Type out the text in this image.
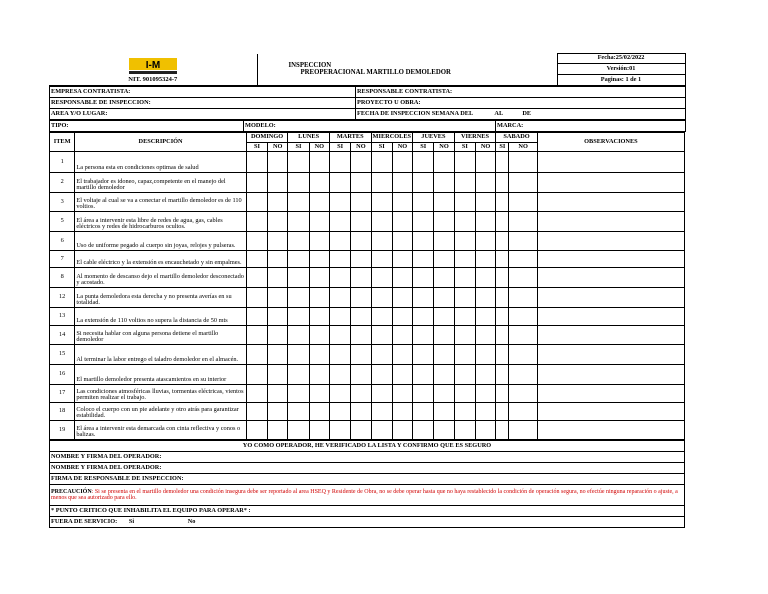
I-M
NIT. 901095324-7

INSPECCION
PREOPERACIONAL MARTILLO DEMOLEDOR
	Fecha:25/02/2022
Versión:01
Paginas: 1 de 1
EMPRESA CONTRATISTA:	RESPONSABLE CONTRATISTA:
RESPONSABLE DE INSPECCION:	PROYECTO U OBRA:
AREA Y/O LUGAR:	FECHA DE INSPECCION SEMANA DEL AL DE
TIPO:	MODELO:	MARCA:
ITEM	DESCRIPCIÓN	DOMINGO		LUNES		MARTES		MIERCOLES		JUEVES		VIERNES		SABADO		OBSERVACIONES
		SI	NO	SI	NO	SI	NO	SI	NO	SI	NO	SI	NO	SI	NO	
1	La persona esta en condiciones optimas de salud															
2	El trabajador es idoneo, capaz,competente en el manejo del martillo demoledor															
3	El voltaje al cual se va a conectar el martillo demoledor es de 110 voltios.															
5	El área a intervenir esta libre de redes de agua, gas, cables eléctricos y redes de hidrocarburos ocultos.															
6	Uso de uniforme pegado al cuerpo sin joyas, relojes y pulseras.															
7	El cable eléctrico y la extensión es encauchetado y sin empalmes.															
8	Al momento de descanso dejo el martillo demoledor desconectado y acostado.															
12	La punta demoledora esta derecha y no presenta averías en su totalidad.															
13	La extensión de 110 voltios no supera la distancia de 50 mts															
14	Si necesita hablar con alguna persona detiene el martillo demoledor															
15	Al terminar la labor entrego el taladro demoledor en el almacén.															
16	El martillo demoledor presenta atascamientos en su interior															
17	Las condiciones atmosféricas lluvias, tormentas eléctricas, vientos permiten realizar el trabajo.															
18	Coloco el cuerpo con un pie adelante y otro atrás para garantizar estabilidad.															
19	El área a intervenir esta demarcada con cinta reflectiva y conos o balizas.															
YO COMO OPERADOR, HE VERIFICADO LA LISTA Y CONFIRMO QUE ES SEGURO
NOMBRE Y FIRMA DEL OPERADOR:
NOMBRE Y FIRMA DEL OPERADOR:
FIRMA DE RESPONSABLE DE INSPECCION:
PRECAUCIÓN: Si se presenta en el martillo demoledor una condición insegura debe ser reportado al area HSEQ y Residente de Obra, no se debe operar hasta que no haya restablecido la condición de operación segura, no efectúe ninguna reparación o ajuste, a menos que sea autorizado para ello.
* PUNTO CRITICO QUE INHABILITA EL EQUIPO PARA OPERAR* :
FUERA DE SERVICIO: Si	No
